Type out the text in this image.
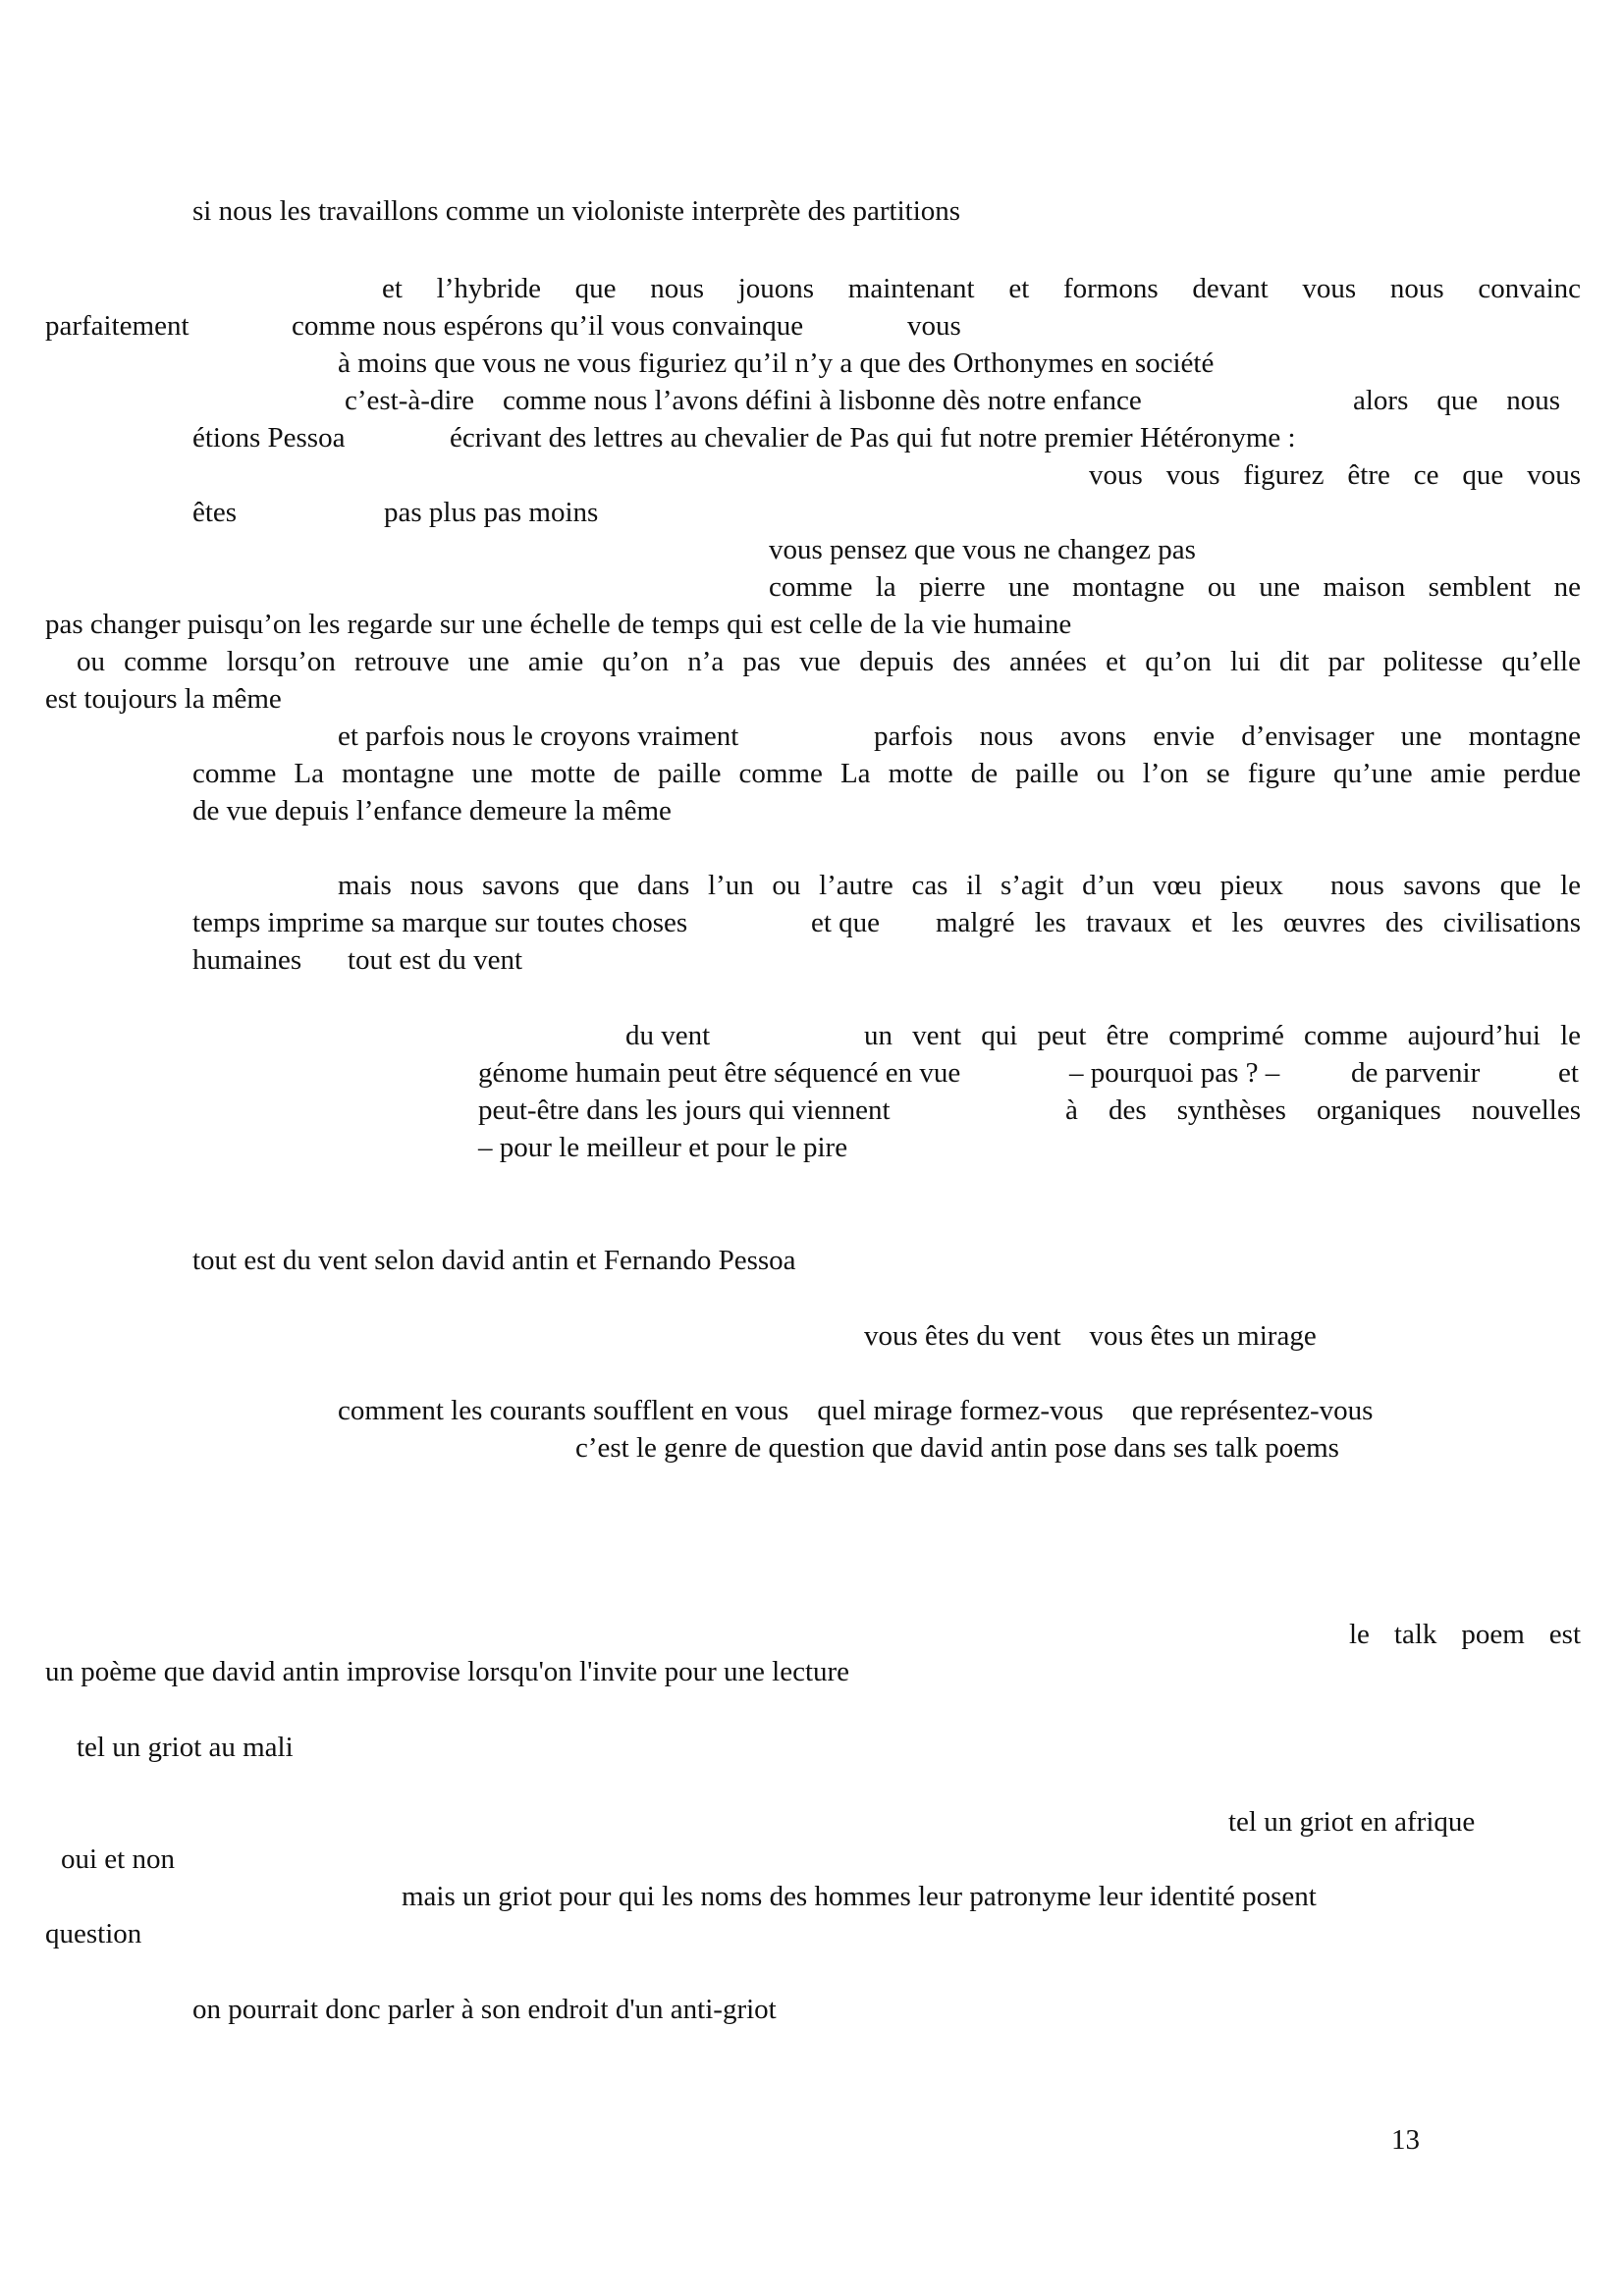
si nous les travaillons comme un violoniste interprète des partitions
et l’hybride que nous jouons maintenant et formons devant vous nous convainc
parfaitement	comme nous espérons qu’il vous convainque	vous
à moins que vous ne vous figuriez qu’il n’y a que des Orthonymes en société
c’est-à-dire    comme nous l’avons défini à lisbonne dès notre enfance	alors    que    nous
étions Pessoa	écrivant des lettres au chevalier de Pas qui fut notre premier Hétéronyme :
vous vous figurez être ce que vous
êtes	pas plus pas moins
vous pensez que vous ne changez pas
comme la pierre une montagne ou une maison semblent ne
pas changer puisqu’on les regarde sur une échelle de temps qui est celle de la vie humaine
ou comme lorsqu’on retrouve une amie qu’on n’a pas vue depuis des années et qu’on lui dit par politesse qu’elle
est toujours la même
et parfois nous le croyons vraiment	parfois nous avons envie d’envisager une montagne
comme La montagne une motte de paille comme La motte de paille ou l’on se figure qu’une amie perdue
de vue depuis l’enfance demeure la même
mais nous savons que dans l’un ou l’autre cas il s’agit d’un vœu pieux nous savons que le
temps imprime sa marque sur toutes choses	et que malgré les travaux et les œuvres des civilisations
humaines tout est du vent
du vent	un vent qui peut être comprimé comme aujourd’hui le
génome humain peut être séquencé en vue	– pourquoi pas ? –	de parvenir	et
peut-être dans les jours qui viennent	à des synthèses organiques nouvelles
– pour le meilleur et pour le pire
tout est du vent selon david antin et Fernando Pessoa
vous êtes du vent    vous êtes un mirage
comment les courants soufflent en vous    quel mirage formez-vous    que représentez-vous
c’est le genre de question que david antin pose dans ses talk poems
le talk poem est
un poème que david antin improvise lorsqu'on l'invite pour une lecture
tel un griot au mali
tel un griot en afrique
oui et non
mais un griot pour qui les noms des hommes leur patronyme leur identité posent
question
on pourrait donc parler à son endroit d'un anti-griot
13
